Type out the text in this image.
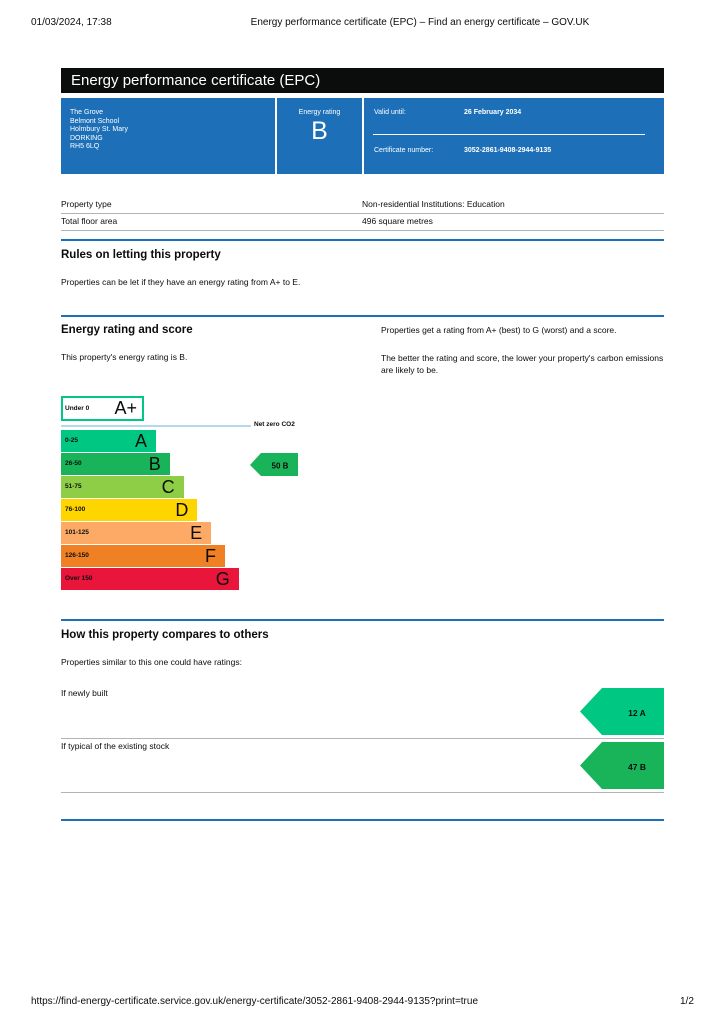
01/03/2024, 17:38	Energy performance certificate (EPC) – Find an energy certificate – GOV.UK
https://find-energy-certificate.service.gov.uk/energy-certificate/3052-2861-9408-2944-9135?print=true	1/2
Energy performance certificate (EPC)
The Grove
Belmont School
Holmbury St. Mary
DORKING
RH5 6LQ
Energy rating
B
Valid until:	26 February 2034
Certificate number:	3052-2861-9408-2944-9135
Property type	Non-residential Institutions: Education
Total floor area	496 square metres
Rules on letting this property
Properties can be let if they have an energy rating from A+ to E.
Energy rating and score
This property's energy rating is B.
Properties get a rating from A+ (best) to G (worst) and a score.
The better the rating and score, the lower your property's carbon emissions are likely to be.
Under 0 A+
Net zero CO2
0-25	A
26-50	B
51-75	C
76-100	D
101-125	E
126-150	F
Over 150	G
50 B
How this property compares to others
Properties similar to this one could have ratings:
If newly built
12 A
If typical of the existing stock
47 B
